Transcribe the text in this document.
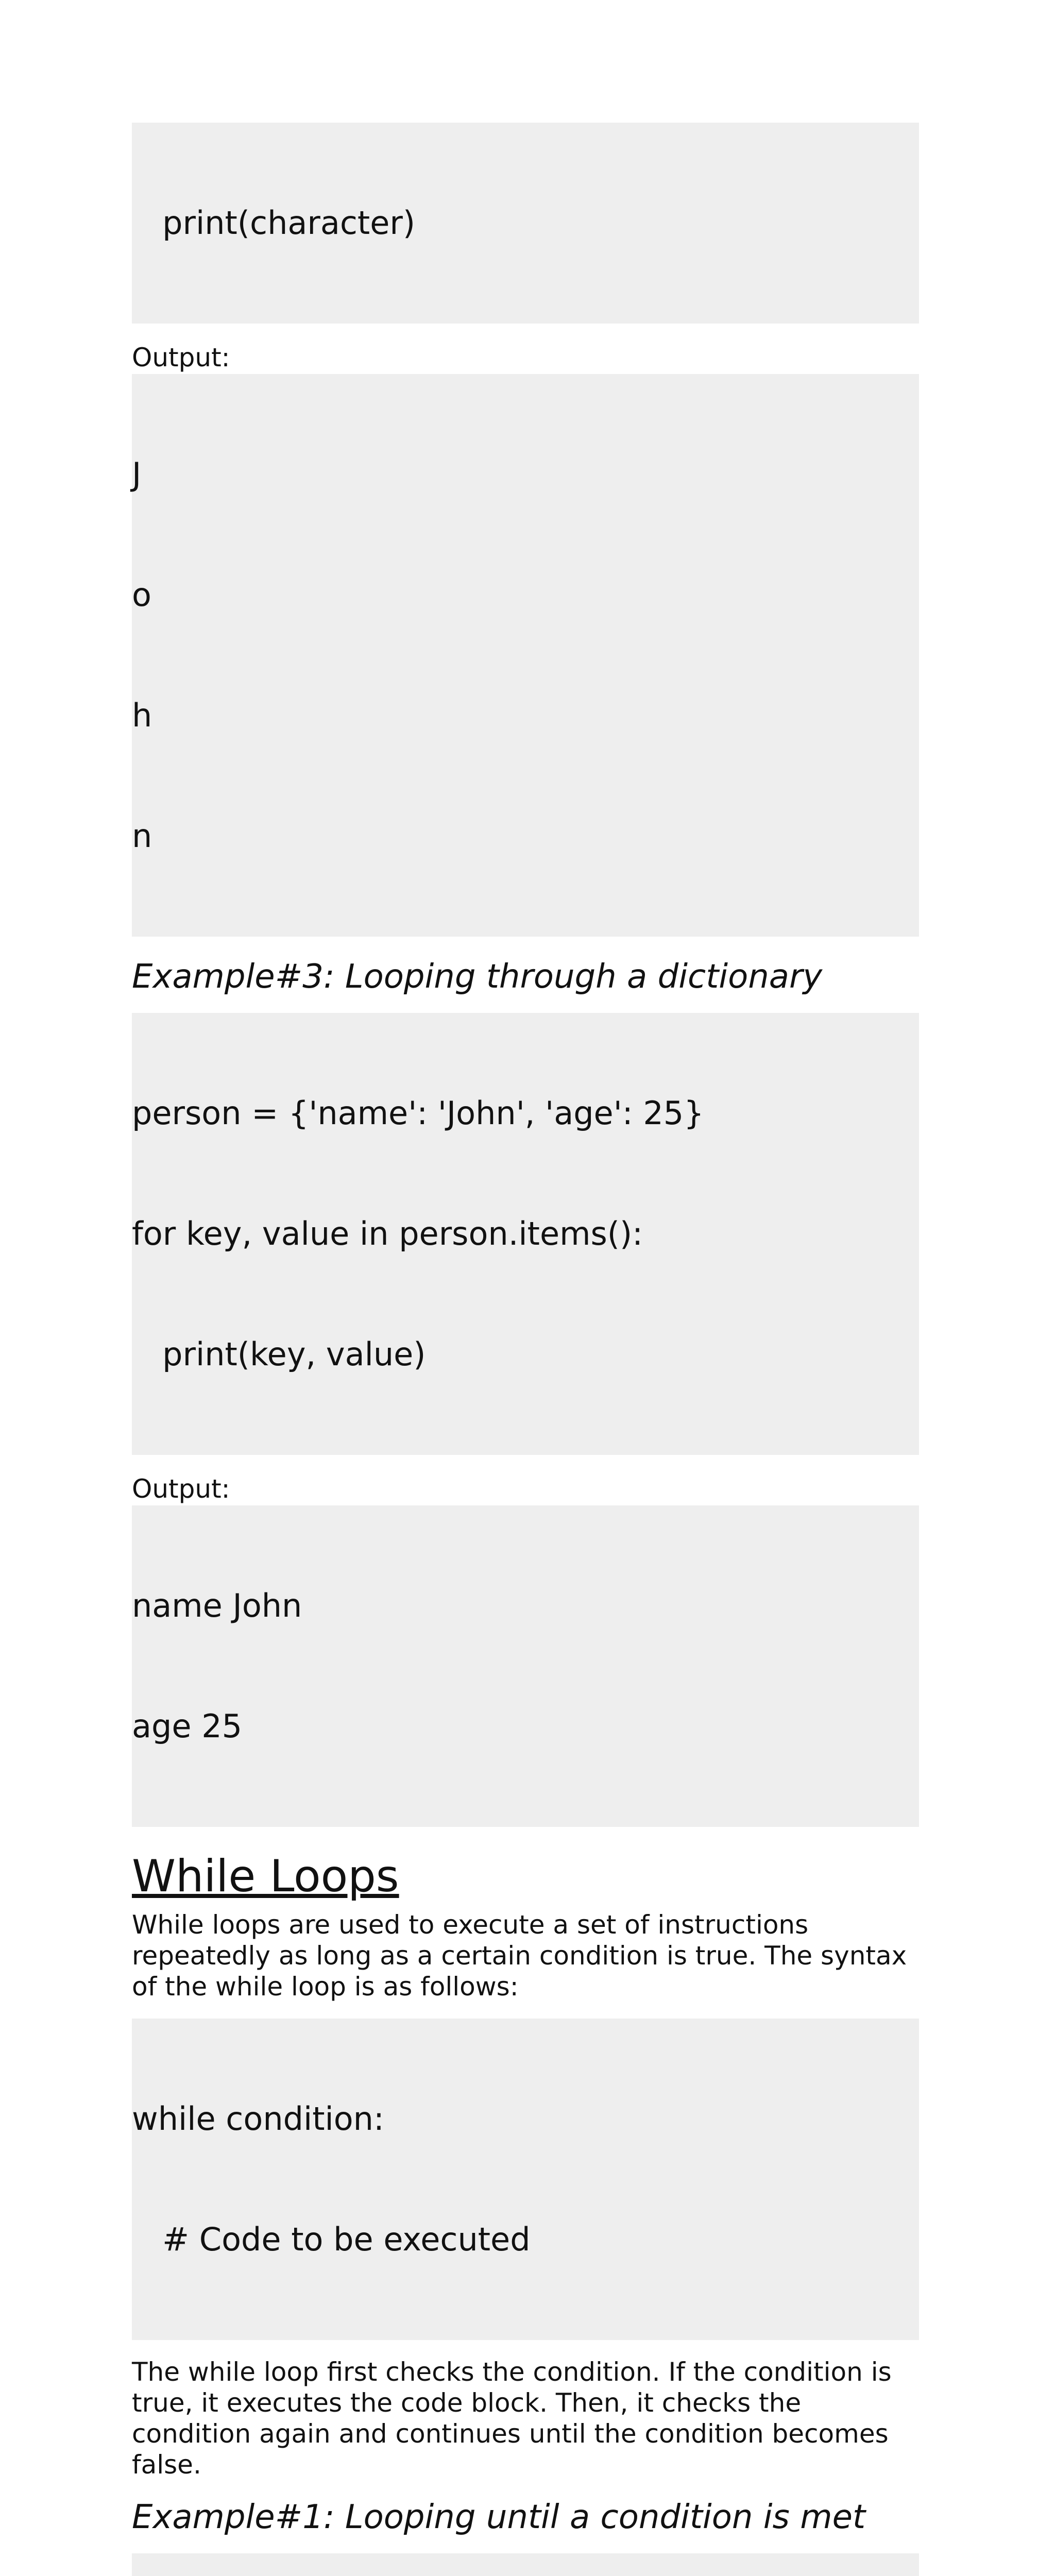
print(character)

Output:

J

o

h

n

Example#3: Looping through a dictionary

person = {'name': 'John', 'age': 25}

for key, value in person.items():

print(key, value)

Output:

name John

age 25

While Loops
While loops are used to execute a set of instructions repeatedly as long as a certain condition is true. The syntax of the while loop is as follows:

while condition:

# Code to be executed

The while loop first checks the condition. If the condition is true, it executes the code block. Then, it checks the condition again and continues until the condition becomes false.
Example#1: Looping until a condition is met
